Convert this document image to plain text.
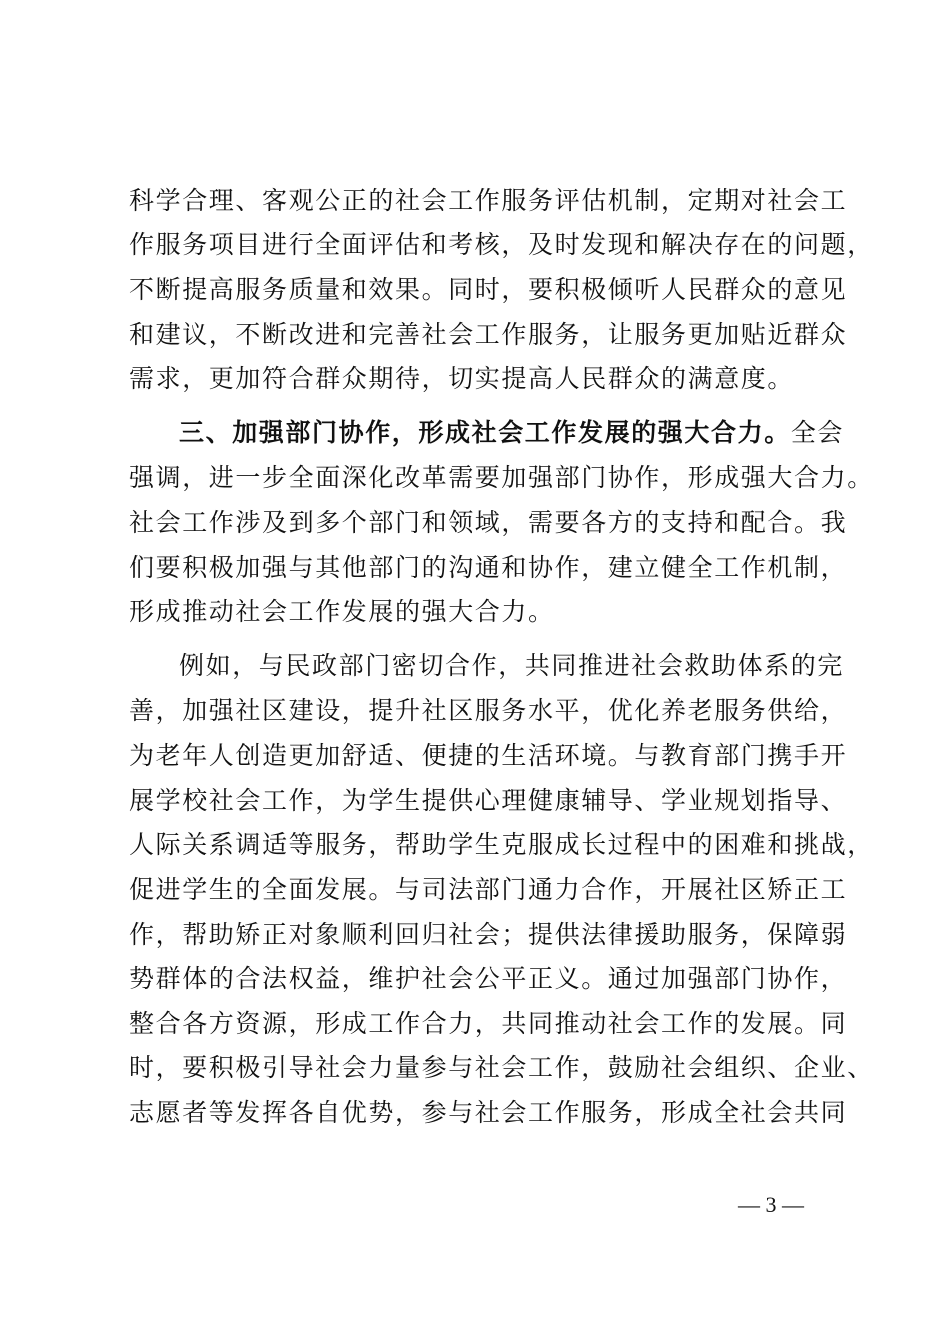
科学合理、客观公正的社会工作服务评估机制，定期对社会工
作服务项目进行全面评估和考核，及时发现和解决存在的问题，
不断提高服务质量和效果。同时，要积极倾听人民群众的意见
和建议，不断改进和完善社会工作服务，让服务更加贴近群众
需求，更加符合群众期待，切实提高人民群众的满意度。
三、加强部门协作，形成社会工作发展的强大合力。全会
强调，进一步全面深化改革需要加强部门协作，形成强大合力。
社会工作涉及到多个部门和领域，需要各方的支持和配合。我
们要积极加强与其他部门的沟通和协作，建立健全工作机制，
形成推动社会工作发展的强大合力。
例如，与民政部门密切合作，共同推进社会救助体系的完
善，加强社区建设，提升社区服务水平，优化养老服务供给，
为老年人创造更加舒适、便捷的生活环境。与教育部门携手开
展学校社会工作，为学生提供心理健康辅导、学业规划指导、
人际关系调适等服务，帮助学生克服成长过程中的困难和挑战，
促进学生的全面发展。与司法部门通力合作，开展社区矫正工
作，帮助矫正对象顺利回归社会；提供法律援助服务，保障弱
势群体的合法权益，维护社会公平正义。通过加强部门协作，
整合各方资源，形成工作合力，共同推动社会工作的发展。同
时，要积极引导社会力量参与社会工作，鼓励社会组织、企业、
志愿者等发挥各自优势，参与社会工作服务，形成全社会共同
— 3 —
